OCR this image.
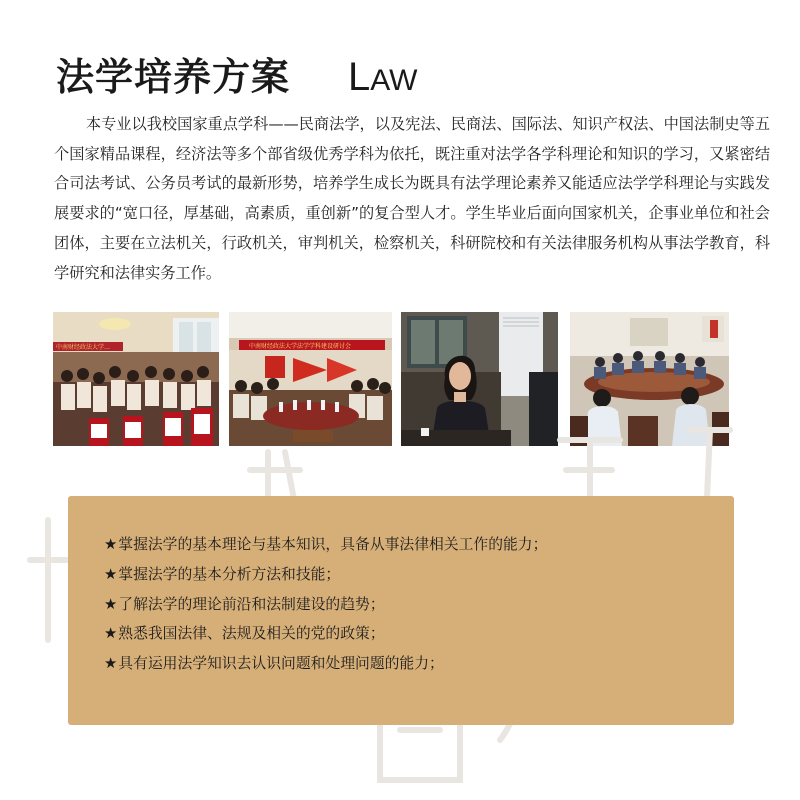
法学培养方案 LAW

本专业以我校国家重点学科——民商法学，以及宪法、民商法、国际法、知识产权法、中国法制史等五个国家精品课程，经济法等多个部省级优秀学科为依托，既注重对法学各学科理论和知识的学习，又紧密结合司法考试、公务员考试的最新形势，培养学生成长为既具有法学理论素养又能适应法学学科理论与实践发展要求的“宽口径，厚基础，高素质，重创新”的复合型人才。学生毕业后面向国家机关，企事业单位和社会团体，主要在立法机关，行政机关，审判机关，检察机关，科研院校和有关法律服务机构从事法学教育，科学研究和法律实务工作。

中南财经政法大学…	中南财经政法大学法学学科建设研讨会
★掌握法学的基本理论与基本知识，具备从事法律相关工作的能力；
★掌握法学的基本分析方法和技能；
★了解法学的理论前沿和法制建设的趋势；
★熟悉我国法律、法规及相关的党的政策；
★具有运用法学知识去认识问题和处理问题的能力；
